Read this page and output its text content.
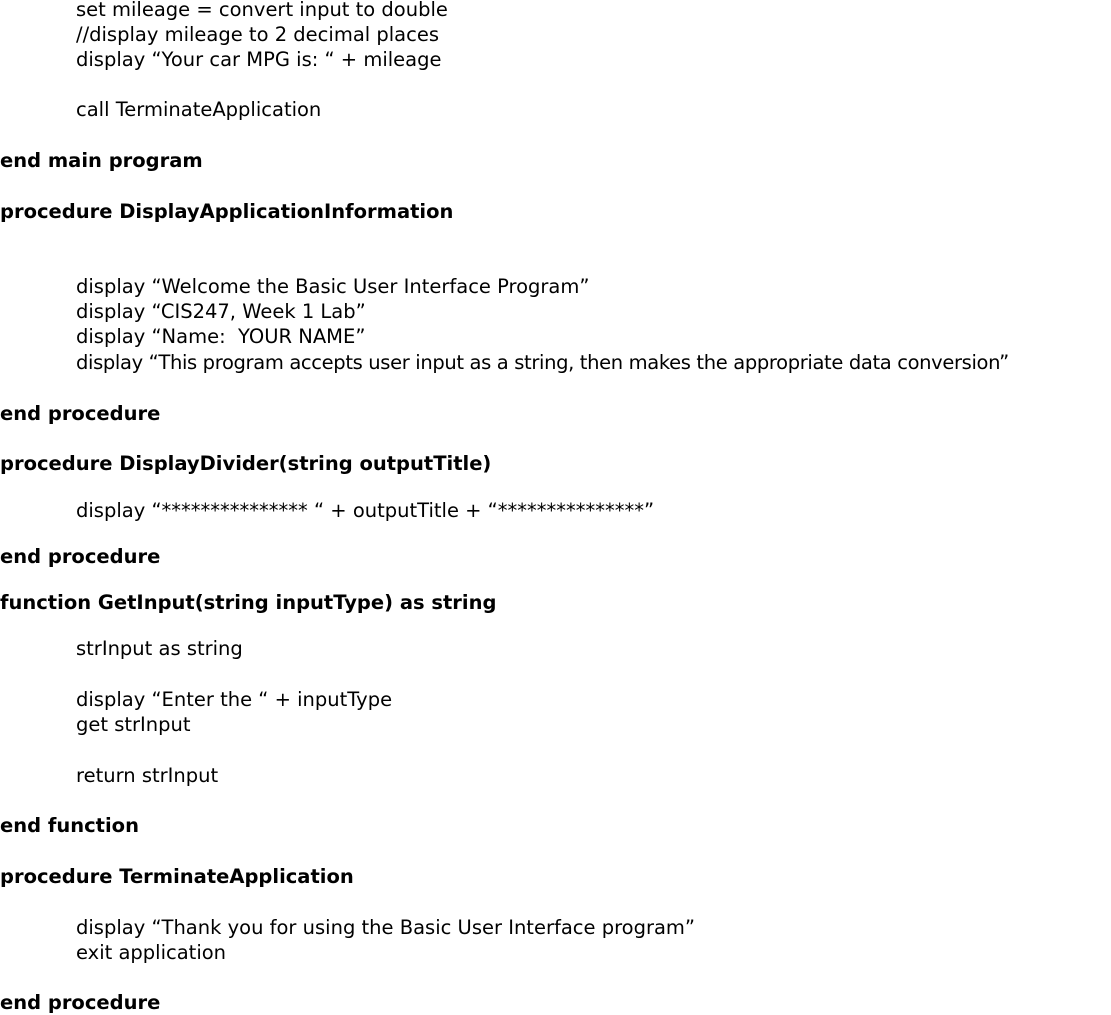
set mileage = convert input to double

//display mileage to 2 decimal places

display “Your car MPG is: “ + mileage

call TerminateApplication

end main program

procedure DisplayApplicationInformation

display “Welcome the Basic User Interface Program”

display “CIS247, Week 1 Lab”

display “Name:  YOUR NAME”

display “This program accepts user input as a string, then makes the appropriate data conversion”

end procedure

procedure DisplayDivider(string outputTitle)

display “*************** “ + outputTitle + “***************”

end procedure

function GetInput(string inputType) as string

strInput as string

display “Enter the “ + inputType

get strInput

return strInput

end function

procedure TerminateApplication

display “Thank you for using the Basic User Interface program”

exit application

end procedure
